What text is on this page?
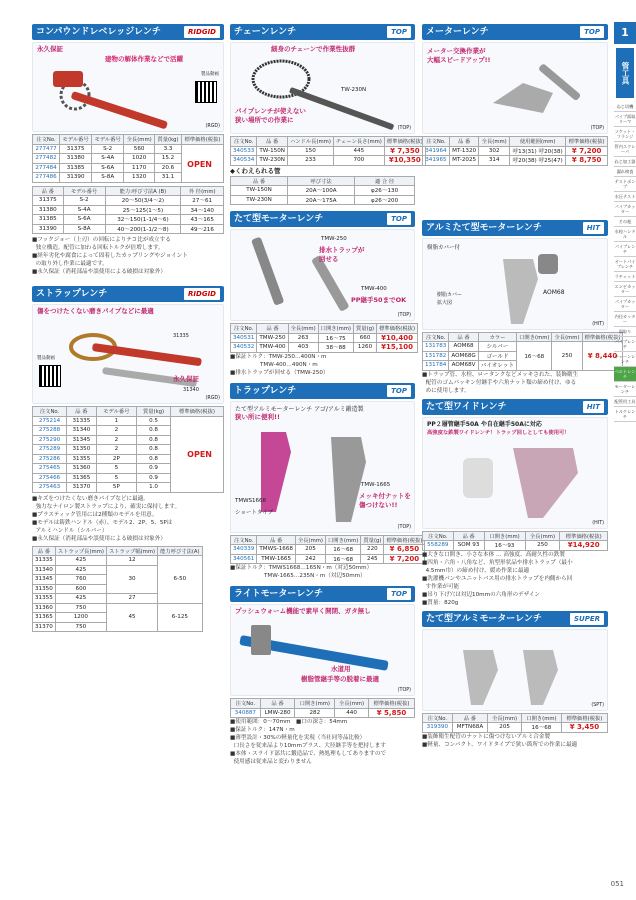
コンパウンドレベレッジレンチ	RIDGID
永久保証
建物の解体作業などで活躍
製品動画
(RGD)
注文No.	モデル番号	モデル番号	全長(mm)	質量(kg)	標準価格(税抜)
277477	31375	S-2	560	3.3	
277482	31380	S-4A	1020	15.2	
277484	31385	S-6A	1170	20.6	
277486	31390	S-8A	1320	31.1	
OPEN
品 番	モデル番号	能力:呼び寸法A (B)	外 径(mm)
31375	S-2	20～50(3/4～2)	27～61
31380	S-4A	25～125(1～5)	34～140
31385	S-6A	32～150(1-1/4～6)	43～165
31390	S-8A	40～200(1-1/2～8)	49～216
■フックジョー（上刃）の回転によりテコ比が成立する
独立構造。配管に加わる回転トルクが倍増します。
■経年劣化や腐食によって固着したカップリングやジョイント
の取り外し作業に最適です。
■永久保証（消耗部品や誤使用による破損は対象外）
ストラップレンチ	RIDGID
傷をつけたくない磨きパイプなどに最適
31335
31340
製品動画
永久保証
(RGD)
注文No.	品 番	モデル番号	質量(kg)	標準価格(税抜)
275214	31335	1	0.5	
275288	31340	2	0.8	
275290	31345	2	0.8	
275289	31350	2	0.8	
275286	31355	2P	0.8	
275465	31360	5	0.9	
275466	31365	5	0.9	
275463	31370	5P	1.0	
OPEN
■キズをつけたくない磨きパイプなどに最適。
強力なナイロン製ストラップにより、確実に保持します。
■プラスティック管用には2種類のモデルを用意。
■モデルは鋳鉄ハンドル（赤）、モデル2、2P、5、5Pは
アルミハンドル（シルバー）
■永久保証（消耗部品や誤使用による破損は対象外）
品 番	ストラップ長(mm)	ストラップ幅(mm)	能力呼び寸法(A)
31335	425	12	6-50
31340	425	30	
31345	760		
31350	600		
31355	425	27	
31360	750	45	6-125
31365	1200		
31370	750		
チェーンレンチ	TOP
細身のチェーンで作業性抜群
TW-230N
パイプレンチが使えない
狭い場所での作業に
(TOP)
注文No.	品 番	ハンドル長(mm)	チェーン長さ(mm)	標準価格(税抜)
340533	TW-150N	150	445	¥ 7,350
340534	TW-230N	233	700	¥10,350
◆くわえられる管
品 番	呼び寸法	適 合 径
TW-150N	20A～100A	φ26～130
TW-230N	20A～175A	φ26～200
たて型モーターレンチ	TOP
TMW-250
排水トラップが
回せる
TMW-400
PP継手50までOK
(TOP)
注文No.	品 番	全長(mm)	口開き(mm)	質量(g)	標準価格(税抜)
340531	TMW-250	263	16～75	660	¥10,400
340532	TMW-400	403	38～88	1260	¥15,100
■保証トルク：TMW-250…400N・m
TMW-400…490N・m
■排水トラップが回せる（TMW-250）
トラップレンチ	TOP
たて型アルミモーターレンチ アゴ/アルミ鍛造製
狭い所に便利!!
TMWS1668
ショートタイプ
TMW-1665
メッキ付ナットを
傷つけない!!
(TOP)
注文No.	品 番	全長(mm)	口開き(mm)	質量(g)	標準価格(税抜)
340339	TMWS-1668	205	16～68	220	¥ 6,850
340561	TMW-1665	242	16～68	245	¥ 7,200
■保証トルク：TMWS1668…165N・m（対辺50mm）
TMW-1665…235N・m（対辺50mm）
ライトモーターレンチ	TOP
プッシュウォーム機能で素早く開閉、ガタ無し
水道用
樹脂管継手等の脱着に最適
(TOP)
注文No.	品 番	口開き(mm)	全長(mm)	標準価格(税抜)
340887	LMW-280	282	440	¥ 5,850
■使用範囲：0～70mm　■口の深さ：54mm
■保証トルク：147N・m
■薄型設計・30%の軽量化を実現（当社同等品比較）
口長さを従来品より10mmプラス、大径継手等を把持します
■本体・スライド部共に鍛造品で、熱処理もしてありますので
使用感は従来品と変わりません
メーターレンチ	TOP
メーター交換作業が
大幅スピードアップ!!
(TOP)
注文No.	品 番	全長(mm)	使用範囲(mm)	標準価格(税抜)
341964	MT-1320	302	呼13(31) 呼20(38)	¥ 7,200
341965	MT-2025	314	呼20(38) 呼25(47)	¥ 8,750
アルミたて型モーターレンチ	HIT
樹脂カバー付
樹脂カバー
拡大図
AOM68
(HIT)
注文No.	品 番	カラー	口開き(mm)	全長(mm)	標準価格(税抜)
131783	AOM68	シルバー	16～68	250	¥ 8,440
131782	AOM68G	ゴールド			
131784	AOM68V	バイオレット			
■トラップ管、水栓、ロータンクなどメッキされた、装飾衛生
配管のゴムパッキン付継手や六角ナット類の締め付け、ゆる
めに使用します。
たて型ワイドレンチ	HIT
PP２層管継手50A や自在継手50Aに対応
高強度な鉄製ワイドレンチ！トラップ回しとしても使用可！
(HIT)
注文No.	品 番	口開き(mm)	全長(mm)	標準価格(税抜)
558289	SOM 93	16～93	250	¥14,920
■大きな口開き、小さな本体 … 高強度、高耐久性の鉄製
■四角・六角・八角など、角型形状品や排水トラップ（最小
4.5mm巾）の締め付け、緩め作業に最適
■洗濯機パンやユニットバス用の排水トラップを内側から回
す作業が可能
■吊り下げ穴は対辺10mmの六角形のデザイン
■質量：820g
たて型アルミモーターレンチ	SUPER
(SPT)
注文No.	品 番	全長(mm)	口開き(mm)	標準価格(税抜)
319390	MFTN68A	205	16～68	¥ 3,450
■装飾衛生配管のナットに傷つけないアルミ合金製
■軽量、コンパクト、ワイドタイプで狭い箇所での作業に最適
1
管工具
ねじ切機
パイプ面取リーマ
ソケット・フランジ
管内スクレーパ
ねじ加工器
漏れ検査
テストポンプ
水圧テスト
パイプカッター
その他
水栓ハンドル
パイプレンチ
オートパイプレンチ
ラチェット
エンビカッター
パイプカッター
内径カッター
面取り
パイプレンチ
チェーンレンチ
ベルトレンチ
モーターレンチ
配管用工具
トルクレンチ
051
